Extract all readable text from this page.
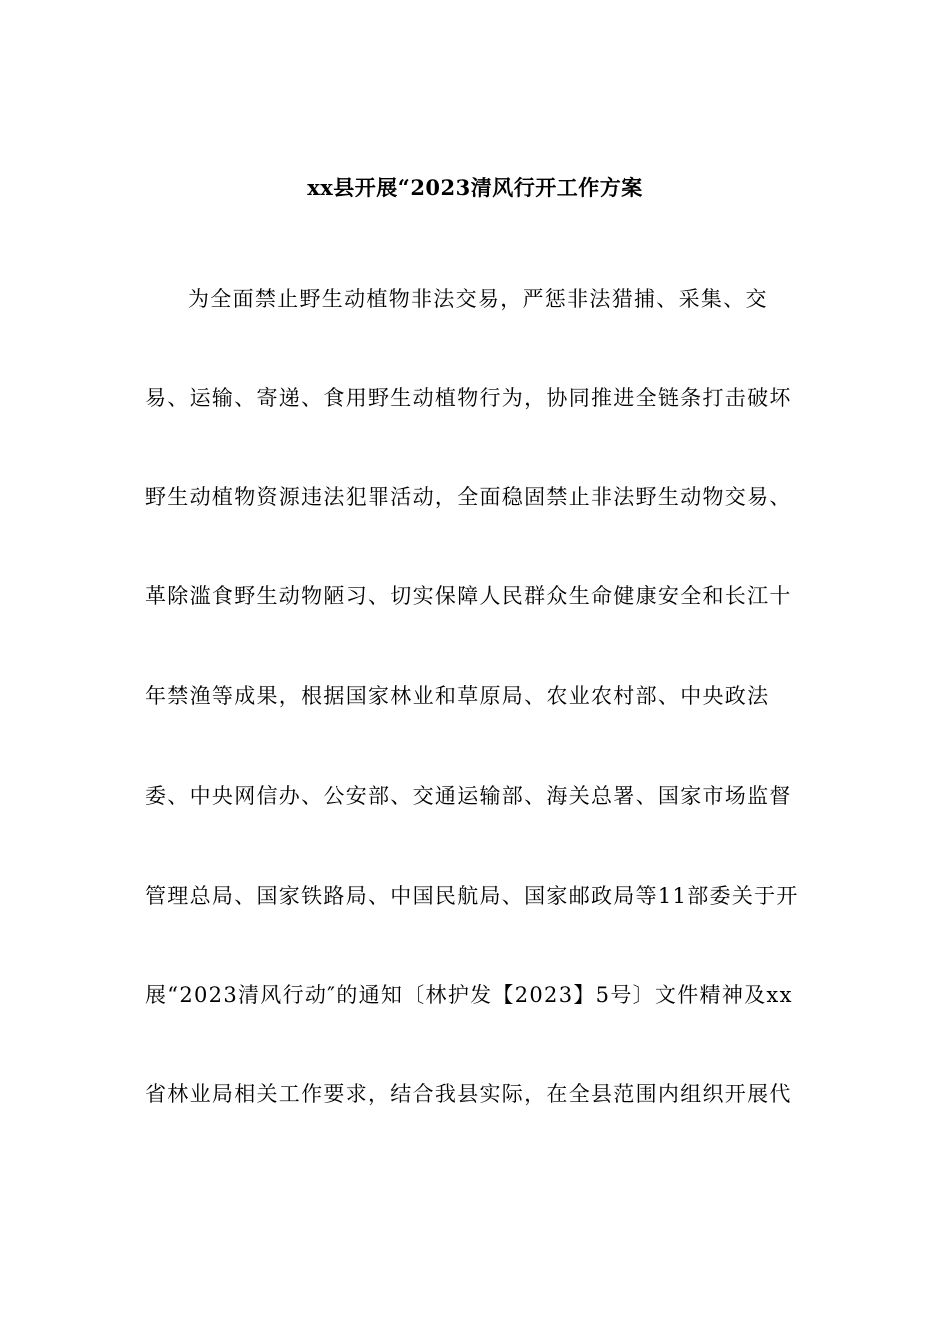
xx县开展“2023清风行开工作方案
为全面禁止野生动植物非法交易，严惩非法猎捕、采集、交
易、运输、寄递、食用野生动植物行为，协同推进全链条打击破坏
野生动植物资源违法犯罪活动，全面稳固禁止非法野生动物交易、
革除滥食野生动物陋习、切实保障人民群众生命健康安全和长江十
年禁渔等成果，根据国家林业和草原局、农业农村部、中央政法
委、中央网信办、公安部、交通运输部、海关总署、国家市场监督
管理总局、国家铁路局、中国民航局、国家邮政局等11部委关于开
展“2023清风行动″的通知〔林护发【2023】5号〕文件精神及xx
省林业局相关工作要求，结合我县实际，在全县范围内组织开展代
